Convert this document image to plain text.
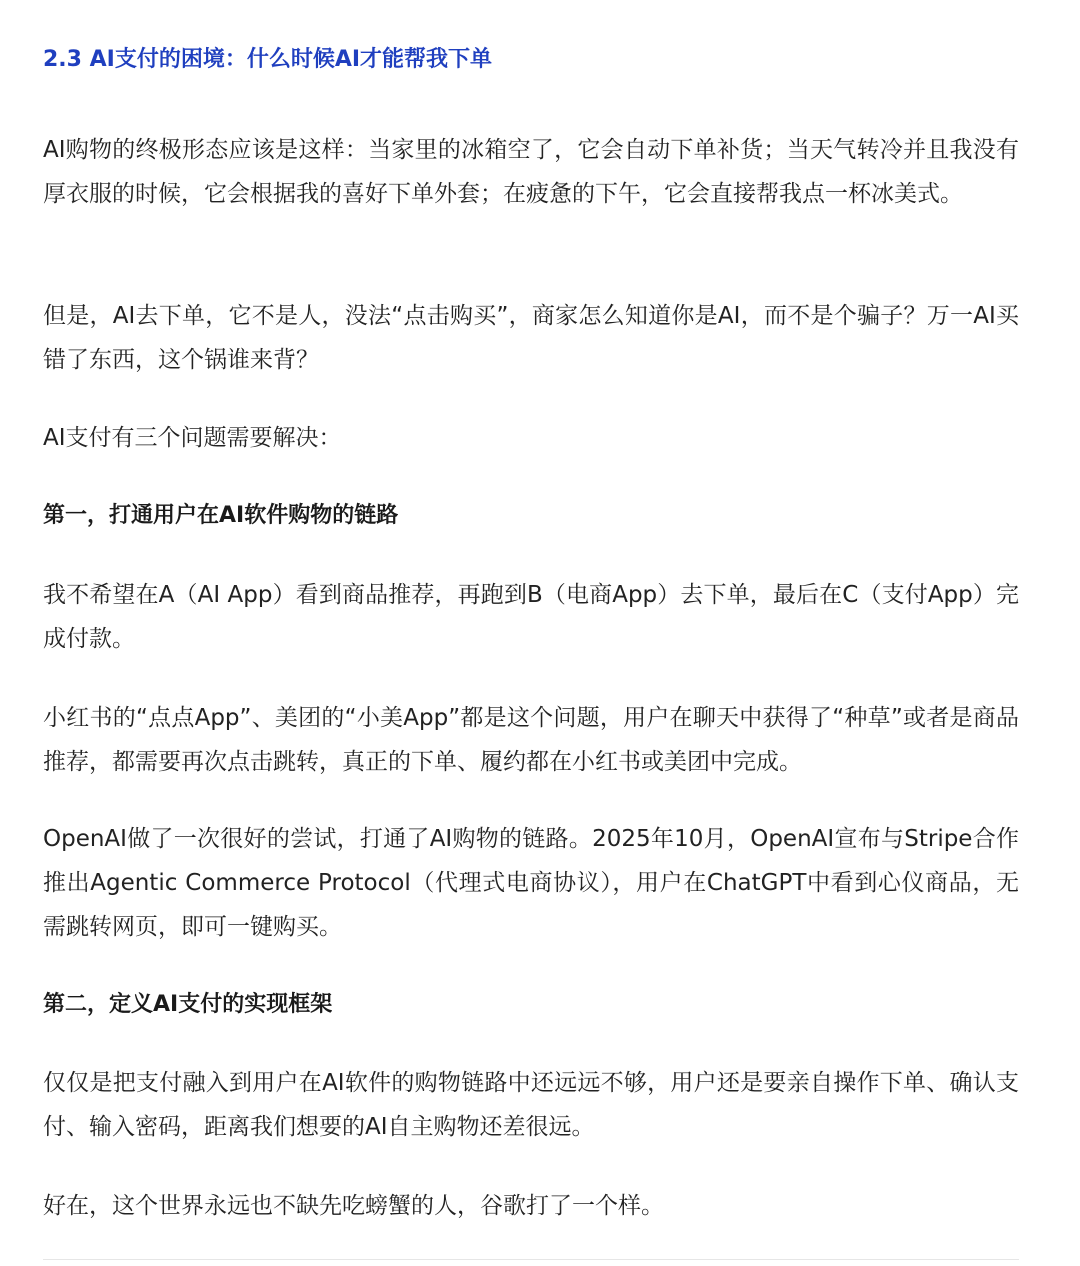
2.3 AI支付的困境：什么时候AI才能帮我下单

AI购物的终极形态应该是这样：当家里的冰箱空了，它会自动下单补货；当天气转冷并且我没有厚衣服的时候，它会根据我的喜好下单外套；在疲惫的下午，它会直接帮我点一杯冰美式。

但是，AI去下单，它不是人，没法“点击购买”，商家怎么知道你是AI，而不是个骗子？万一AI买错了东西，这个锅谁来背？

AI支付有三个问题需要解决：

第一，打通用户在AI软件购物的链路

我不希望在A（AI App）看到商品推荐，再跑到B（电商App）去下单，最后在C（支付App）完成付款。

小红书的“点点App”、美团的“小美App”都是这个问题，用户在聊天中获得了“种草”或者是商品推荐，都需要再次点击跳转，真正的下单、履约都在小红书或美团中完成。

OpenAI做了一次很好的尝试，打通了AI购物的链路。2025年10月，OpenAI宣布与Stripe合作推出Agentic Commerce Protocol（代理式电商协议），用户在ChatGPT中看到心仪商品，无需跳转网页，即可一键购买。

第二，定义AI支付的实现框架

仅仅是把支付融入到用户在AI软件的购物链路中还远远不够，用户还是要亲自操作下单、确认支付、输入密码，距离我们想要的AI自主购物还差很远。

好在，这个世界永远也不缺先吃螃蟹的人，谷歌打了一个样。
